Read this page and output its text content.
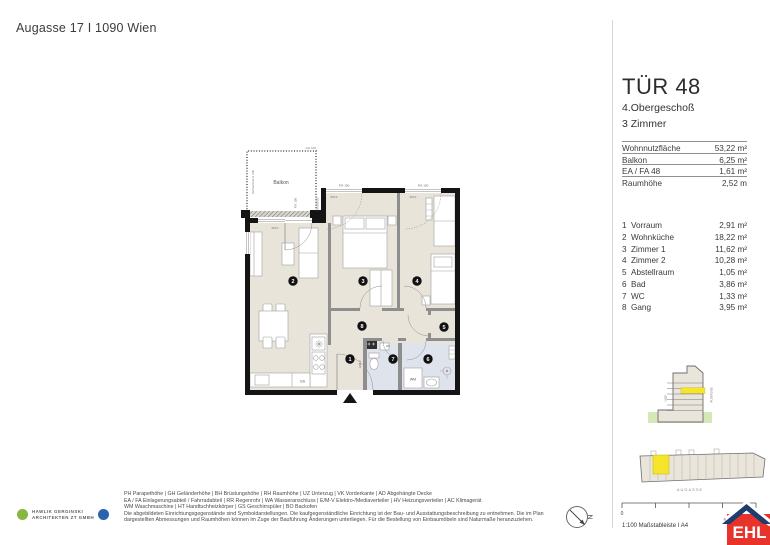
Augasse 17 I 1090 Wien
Balkon
Sichtschutz H 230
GH 100
GS
HV
E/M-V
WM
FIX 100	FIX 100
FIX 100	RH250/UZ
PH 0	PH 0
PH 0
1
2	3	4
5
6
7
8
TÜR 48
4.Obergeschoß
3 Zimmer
Wohnnutzfläche	53,22 m²
Balkon	6,25 m²
EA / FA 48	1,61 m²
Raumhöhe	2,52 m
1 Vorraum	2,91 m²
2 Wohnküche	18,22 m²
3 Zimmer 1	11,62 m²
4 Zimmer 2	10,28 m²
5 Abstellraum	1,05 m²
6 Bad	3,86 m²
7 WC	1,33 m²
8 Gang	3,95 m²
HOF	AUGASSE
AUGASSE
N	0
1:100 Maßstableiste I A4
PH Parapethöhe | GH Geländerhöhe | BH Brüstungshöhe | RH Raumhöhe | UZ Unterzug | VK Vorderkante | AD Abgehängte Decke
EA / FA Einlagerungsabteil / Fahrradabteil | RR Regenrohr | WA Wasseranschluss | E/M-V Elektro-/Mediaverteiler | HV Heizungsverteiler | AC Klimagerät
WM Waschmaschine | HT Handtuchheizkörper | GS Geschirrspüler | BO Backofen
Die abgebildeten Einrichtungsgegenstände sind Symboldarstellungen. Die kaufgegenständliche Einrichtung ist der Bau- und Ausstattungsbeschreibung zu entnehmen. Die im Plan
dargestellten Abmessungen und Raumhöhen können im Zuge der Bauführung Änderungen unterliegen. Für die Bestellung von Einbaumöbeln sind Naturmaße heranzuziehen.
HAWLIK GERGINSKI
ARCHITEKTEN ZT GMBH
®
EHL
